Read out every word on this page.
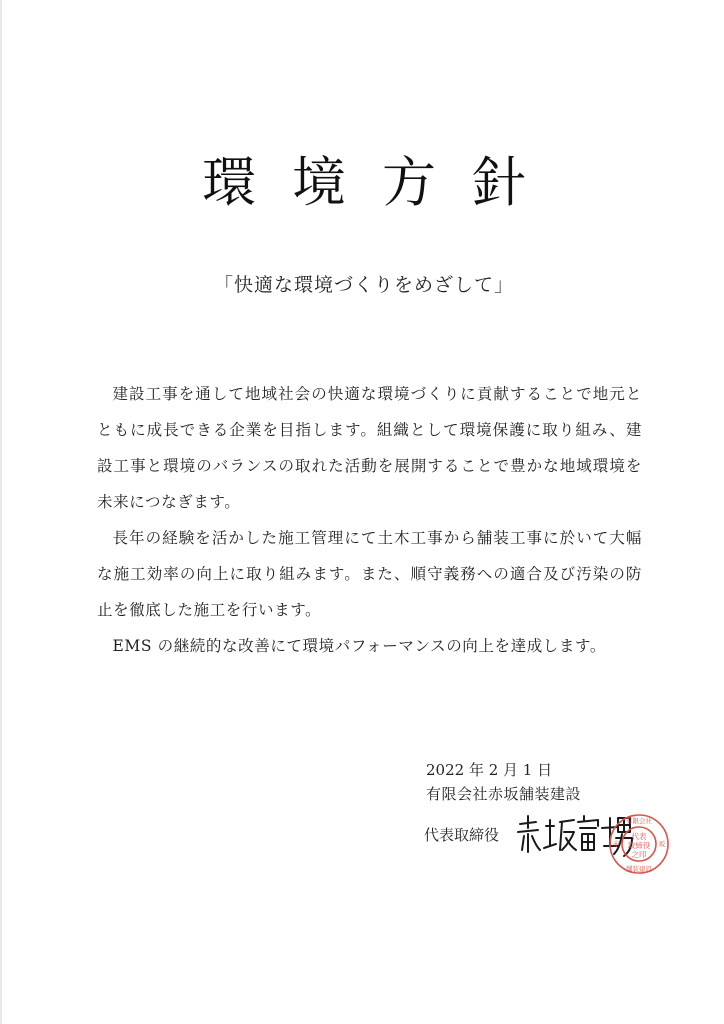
環境方針
「快適な環境づくりをめざして」

建設工事を通して地域社会の快適な環境づくりに貢献することで地元とともに成長できる企業を目指します。組織として環境保護に取り組み、建設工事と環境のバランスの取れた活動を展開することで豊かな地域環境を未来につなぎます。

長年の経験を活かした施工管理にて土木工事から舗装工事に於いて大幅な施工効率の向上に取り組みます。また、順守義務への適合及び汚染の防止を徹底した施工を行います。

EMS の継続的な改善にて環境パフォーマンスの向上を達成します。

2022 年 2 月 1 日
有限会社赤坂舗装建設
代表取締役
有限会社
舗装建設
赤	坂
代表
取締役
之印
